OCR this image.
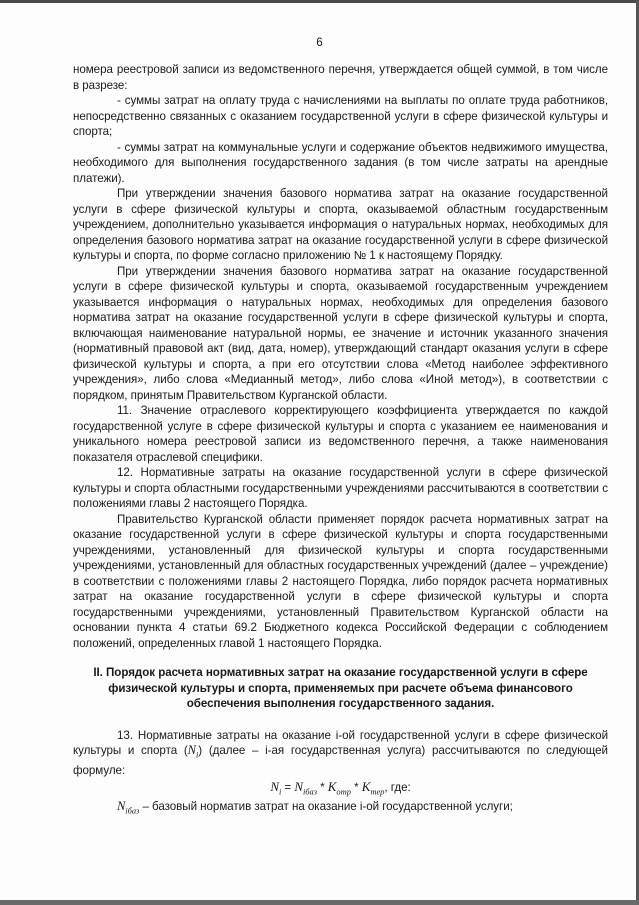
6

номера реестровой записи из ведомственного перечня, утверждается общей суммой, в том числе в разрезе:

- суммы затрат на оплату труда с начислениями на выплаты по оплате труда работников, непосредственно связанных с оказанием государственной услуги в сфере физической культуры и спорта;

- суммы затрат на коммунальные услуги и содержание объектов недвижимого имущества, необходимого для выполнения государственного задания (в том числе затраты на арендные платежи).

При утверждении значения базового норматива затрат на оказание государственной услуги в сфере физической культуры и спорта, оказываемой областным государственным учреждением, дополнительно указывается информация о натуральных нормах, необходимых для определения базового норматива затрат на оказание государственной услуги в сфере физической культуры и спорта, по форме согласно приложению № 1 к настоящему Порядку.

При утверждении значения базового норматива затрат на оказание государственной услуги в сфере физической культуры и спорта, оказываемой государственным учреждением указывается информация о натуральных нормах, необходимых для определения базового норматива затрат на оказание государственной услуги в сфере физической культуры и спорта, включающая наименование натуральной нормы, ее значение и источник указанного значения (нормативный правовой акт (вид, дата, номер), утверждающий стандарт оказания услуги в сфере физической культуры и спорта, а при его отсутствии слова «Метод наиболее эффективного учреждения», либо слова «Медианный метод», либо слова «Иной метод»), в соответствии с порядком, принятым Правительством Курганской области.

11. Значение отраслевого корректирующего коэффициента утверждается по каждой государственной услуге в сфере физической культуры и спорта с указанием ее наименования и уникального номера реестровой записи из ведомственного перечня, а также наименования показателя отраслевой специфики.

12. Нормативные затраты на оказание государственной услуги в сфере физической культуры и спорта областными государственными учреждениями рассчитываются в соответствии с положениями главы 2 настоящего Порядка.

Правительство Курганской области применяет порядок расчета нормативных затрат на оказание государственной услуги в сфере физической культуры и спорта государственными учреждениями, установленный для физической культуры и спорта государственными учреждениями, установленный для областных государственных учреждений (далее – учреждение) в соответствии с положениями главы 2 настоящего Порядка, либо порядок расчета нормативных затрат на оказание государственной услуги в сфере физической культуры и спорта государственными учреждениями, установленный Правительством Курганской области на основании пункта 4 статьи 69.2 Бюджетного кодекса Российской Федерации с соблюдением положений, определенных главой 1 настоящего Порядка.

II. Порядок расчета нормативных затрат на оказание государственной услуги в сфере физической культуры и спорта, применяемых при расчете объема финансового обеспечения выполнения государственного задания.

13. Нормативные затраты на оказание i-ой государственной услуги в сфере физической культуры и спорта $(N_i)$ (далее – i-ая государственная услуга) рассчитываются по следующей формуле:

$N_i = N_{iбаз} * K_{отр} * K_{тер}$, где:

$N_{iбаз}$ – базовый норматив затрат на оказание i-ой государственной услуги;
